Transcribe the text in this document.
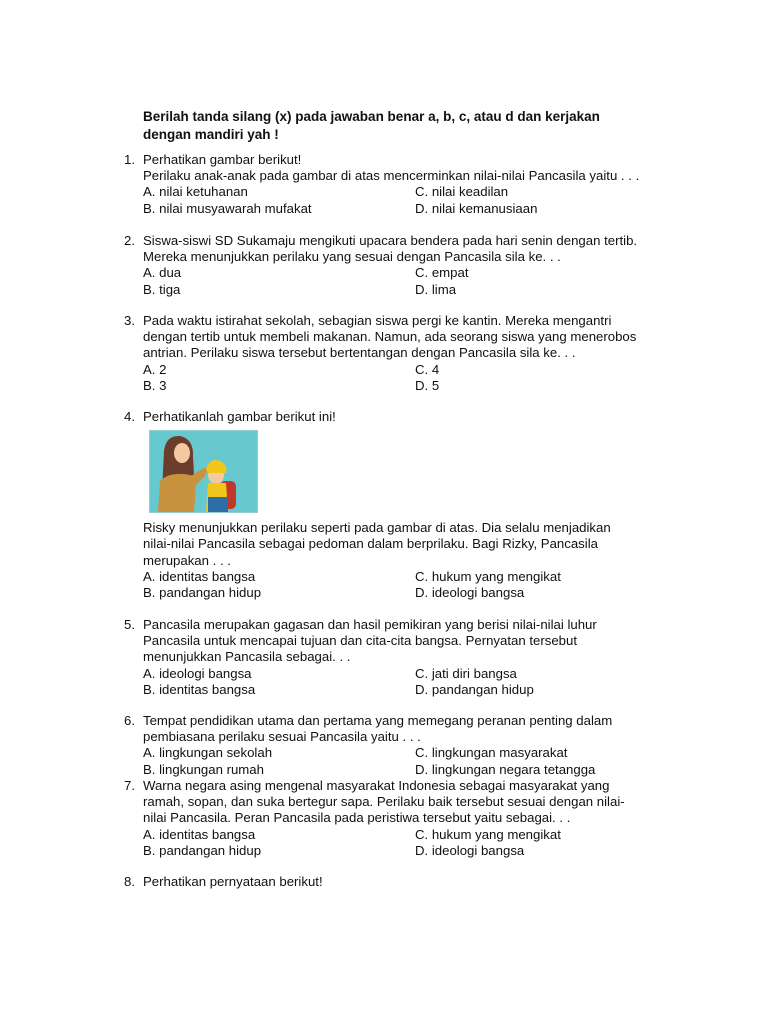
Berilah tanda silang (x) pada jawaban benar a, b, c, atau d dan kerjakan
dengan mandiri yah !
1. Perhatikan gambar berikut!
Perilaku anak-anak pada gambar di atas mencerminkan nilai-nilai Pancasila yaitu . . .
A. nilai ketuhanan
B. nilai musyawarah mufakat
C. nilai keadilan
D. nilai kemanusiaan
2. Siswa-siswi SD Sukamaju mengikuti upacara bendera pada hari senin dengan tertib.
Mereka menunjukkan perilaku yang sesuai dengan Pancasila sila ke. . .
A. dua
B. tiga
C. empat
D. lima
3. Pada waktu istirahat sekolah, sebagian siswa pergi ke kantin. Mereka mengantri
dengan tertib untuk membeli makanan. Namun, ada seorang siswa yang menerobos
antrian. Perilaku siswa tersebut bertentangan dengan Pancasila sila ke. . .
A. 2
B. 3
C. 4
D. 5
4. Perhatikanlah gambar berikut ini!
Risky menunjukkan perilaku seperti pada gambar di atas. Dia selalu menjadikan
nilai-nilai Pancasila sebagai pedoman dalam berprilaku. Bagi Rizky, Pancasila
merupakan . . .
A. identitas bangsa
B. pandangan hidup
C. hukum yang mengikat
D. ideologi bangsa
5. Pancasila merupakan gagasan dan hasil pemikiran yang berisi nilai-nilai luhur
Pancasila untuk mencapai tujuan dan cita-cita bangsa. Pernyatan tersebut
menunjukkan Pancasila sebagai. . .
A. ideologi bangsa
B. identitas bangsa
C. jati diri bangsa
D. pandangan hidup
6. Tempat pendidikan utama dan pertama yang memegang peranan penting dalam
pembiasana perilaku sesuai Pancasila yaitu . . .
A. lingkungan sekolah
B. lingkungan rumah
C. lingkungan masyarakat
D. lingkungan negara tetangga
7. Warna negara asing mengenal masyarakat Indonesia sebagai masyarakat yang
ramah, sopan, dan suka bertegur sapa. Perilaku baik tersebut sesuai dengan nilai-
nilai Pancasila. Peran Pancasila pada peristiwa tersebut yaitu sebagai. . .
A. identitas bangsa
B. pandangan hidup
C. hukum yang mengikat
D. ideologi bangsa
8. Perhatikan pernyataan berikut!
